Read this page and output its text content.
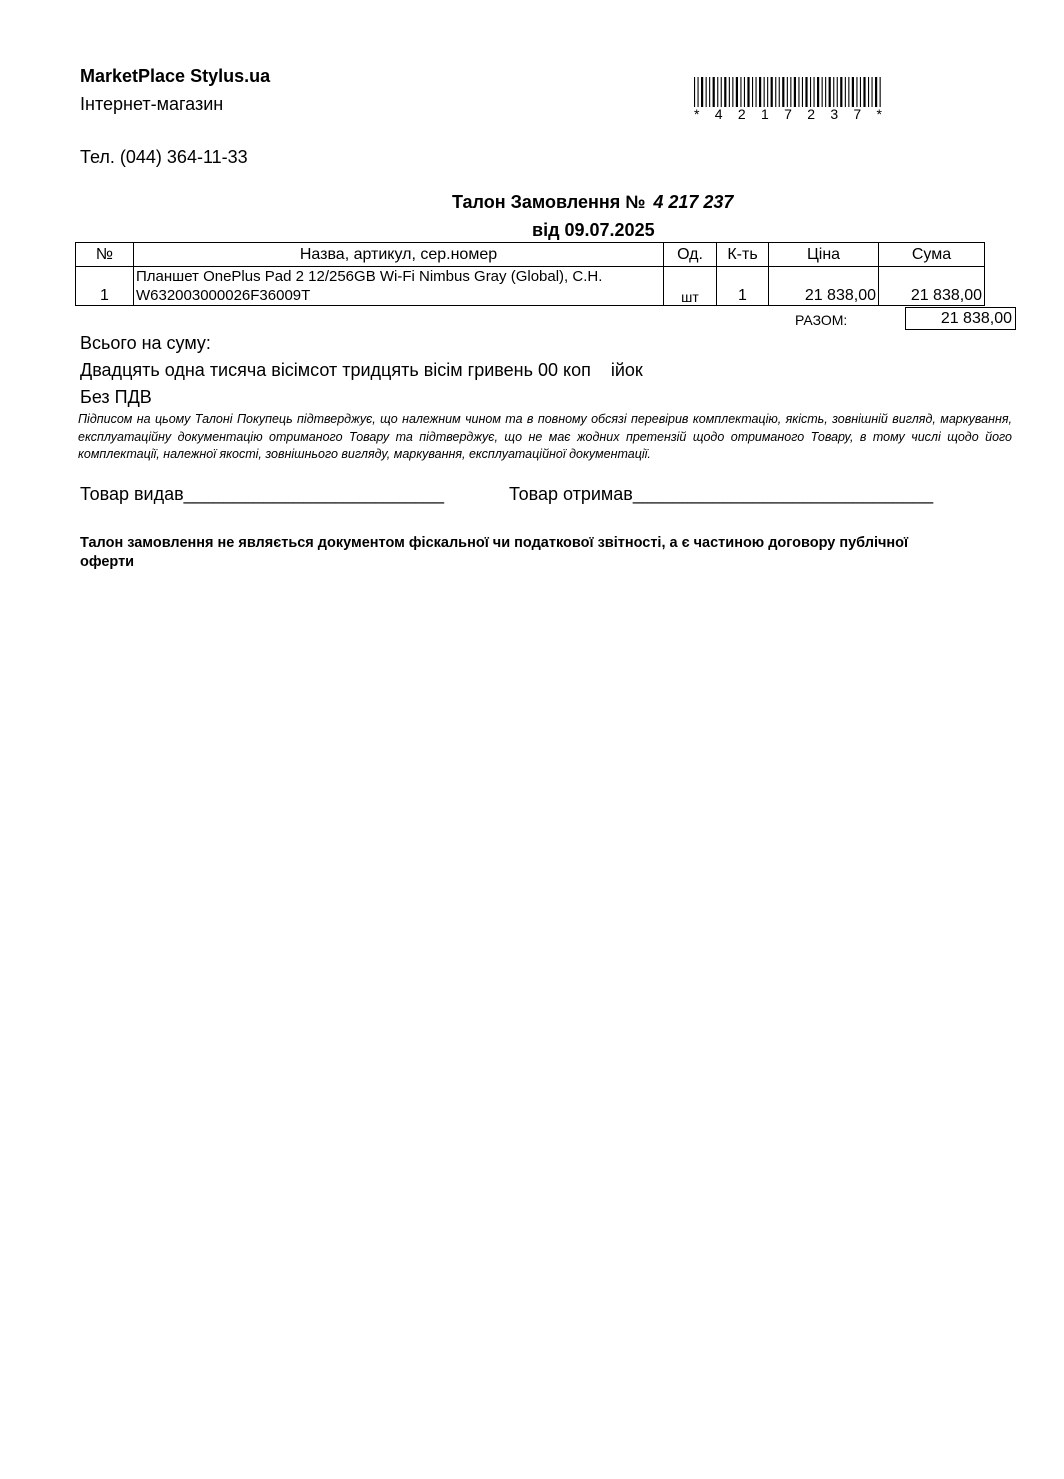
MarketPlace Stylus.ua
Інтернет-магазин
Тел. (044) 364-11-33
* 4 2 1 7 2 3 7 *
Талон Замовлення № 4 217 237
від 09.07.2025
№	Назва, артикул, сер.номер	Од.	К-ть	Ціна	Сума
1	Планшет OnePlus Pad 2 12/256GB Wi-Fi Nimbus Gray (Global), С.Н. W632003000026F36009T	шт	1	21 838,00	21 838,00
РАЗОМ:	21 838,00
Всього на суму:
Двадцять одна тисяча вісімсот тридцять вісім гривень 00 коп    ійок
Без ПДВ
Підписом на цьому Талоні Покупець підтверджує, що належним чином та в повному обсязі перевірив комплектацію, якість, зовнішній вигляд, маркування, експлуатаційну документацію отриманого Товару та підтверджує, що не має жодних претензій щодо отриманого Товару, в тому числі щодо його комплектації, належної якості, зовнішнього вигляду, маркування, експлуатаційної документації.
Товар видав__________________________	Товар отримав______________________________
Талон замовлення не являється документом фіскальної чи податкової звітності, а є частиною договору публічної оферти
